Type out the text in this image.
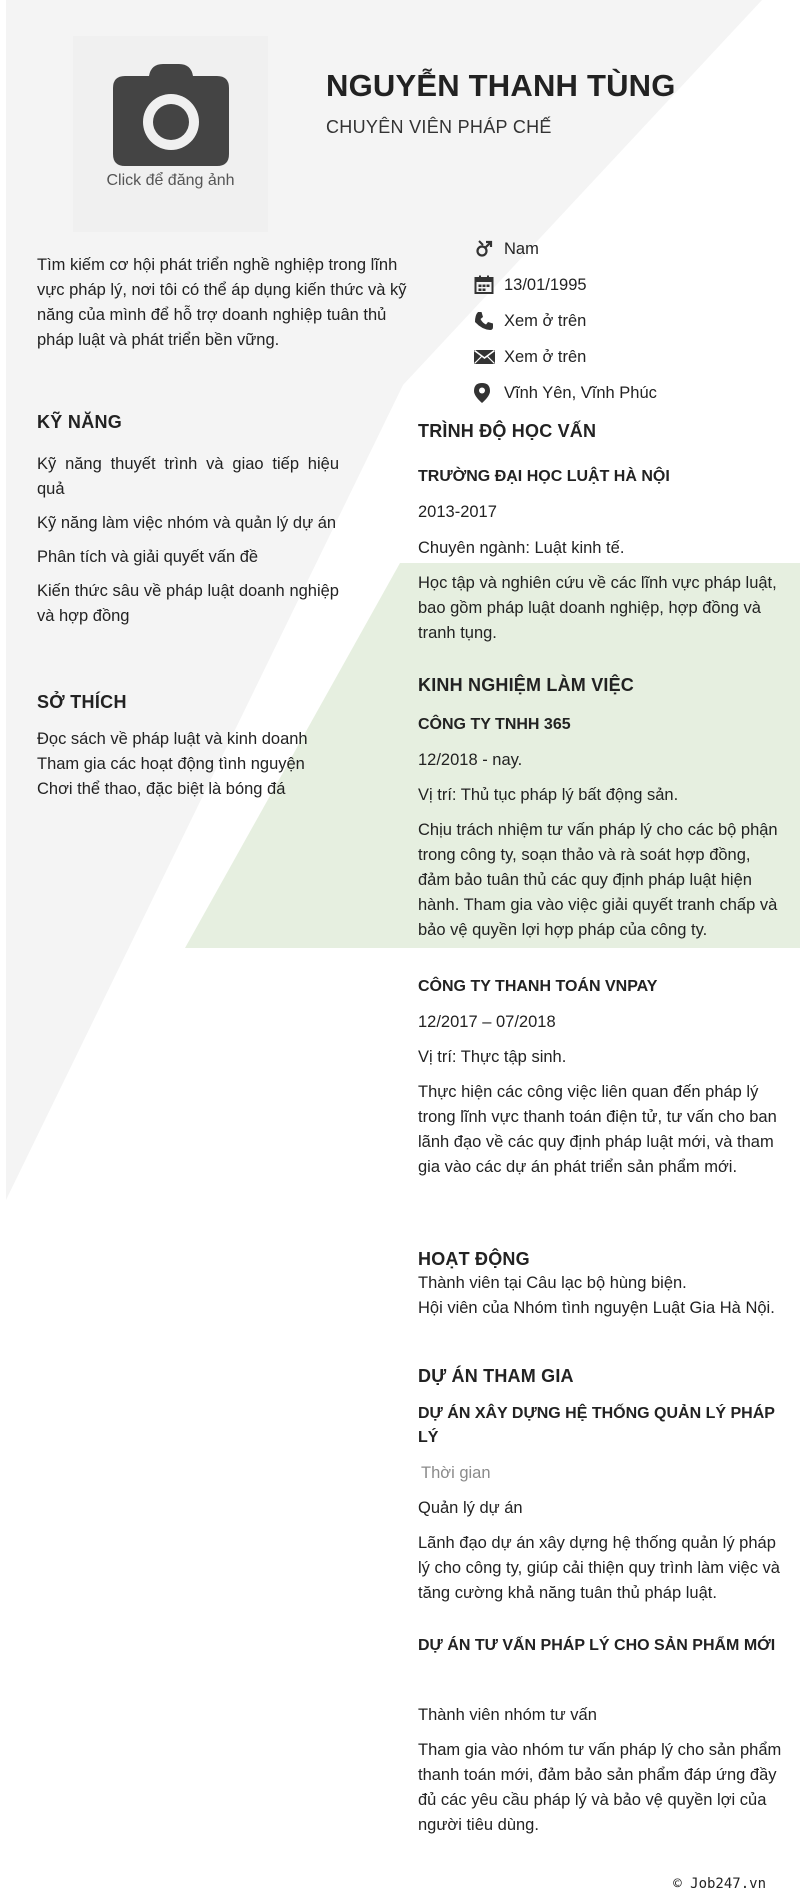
Click để đăng ảnh
NGUYỄN THANH TÙNG
CHUYÊN VIÊN PHÁP CHẾ
Tìm kiếm cơ hội phát triển nghề nghiệp trong lĩnh vực pháp lý, nơi tôi có thể áp dụng kiến thức và kỹ năng của mình để hỗ trợ doanh nghiệp tuân thủ pháp luật và phát triển bền vững.
Nam
13/01/1995
Xem ở trên
Xem ở trên
Vĩnh Yên, Vĩnh Phúc
KỸ NĂNG
Kỹ năng thuyết trình và giao tiếp hiệu quả
Kỹ năng làm việc nhóm và quản lý dự án
Phân tích và giải quyết vấn đề
Kiến thức sâu về pháp luật doanh nghiệp và hợp đồng
SỞ THÍCH
Đọc sách về pháp luật và kinh doanh
Tham gia các hoạt động tình nguyện
Chơi thể thao, đặc biệt là bóng đá
TRÌNH ĐỘ HỌC VẤN
TRƯỜNG ĐẠI HỌC LUẬT HÀ NỘI
2013-2017
Chuyên ngành: Luật kinh tế.
Học tập và nghiên cứu về các lĩnh vực pháp luật, bao gồm pháp luật doanh nghiệp, hợp đồng và tranh tụng.
KINH NGHIỆM LÀM VIỆC
CÔNG TY TNHH 365
12/2018 - nay.
Vị trí: Thủ tục pháp lý bất động sản.
Chịu trách nhiệm tư vấn pháp lý cho các bộ phận trong công ty, soạn thảo và rà soát hợp đồng, đảm bảo tuân thủ các quy định pháp luật hiện hành. Tham gia vào việc giải quyết tranh chấp và bảo vệ quyền lợi hợp pháp của công ty.
CÔNG TY THANH TOÁN VNPAY
12/2017 – 07/2018
Vị trí: Thực tập sinh.
Thực hiện các công việc liên quan đến pháp lý trong lĩnh vực thanh toán điện tử, tư vấn cho ban lãnh đạo về các quy định pháp luật mới, và tham gia vào các dự án phát triển sản phẩm mới.
HOẠT ĐỘNG
Thành viên tại Câu lạc bộ hùng biện.
Hội viên của Nhóm tình nguyện Luật Gia Hà Nội.
DỰ ÁN THAM GIA
DỰ ÁN XÂY DỰNG HỆ THỐNG QUẢN LÝ PHÁP LÝ
Thời gian
Quản lý dự án
Lãnh đạo dự án xây dựng hệ thống quản lý pháp lý cho công ty, giúp cải thiện quy trình làm việc và tăng cường khả năng tuân thủ pháp luật.
DỰ ÁN TƯ VẤN PHÁP LÝ CHO SẢN PHẨM MỚI
Thành viên nhóm tư vấn
Tham gia vào nhóm tư vấn pháp lý cho sản phẩm thanh toán mới, đảm bảo sản phẩm đáp ứng đầy đủ các yêu cầu pháp lý và bảo vệ quyền lợi của người tiêu dùng.
© Job247.vn
